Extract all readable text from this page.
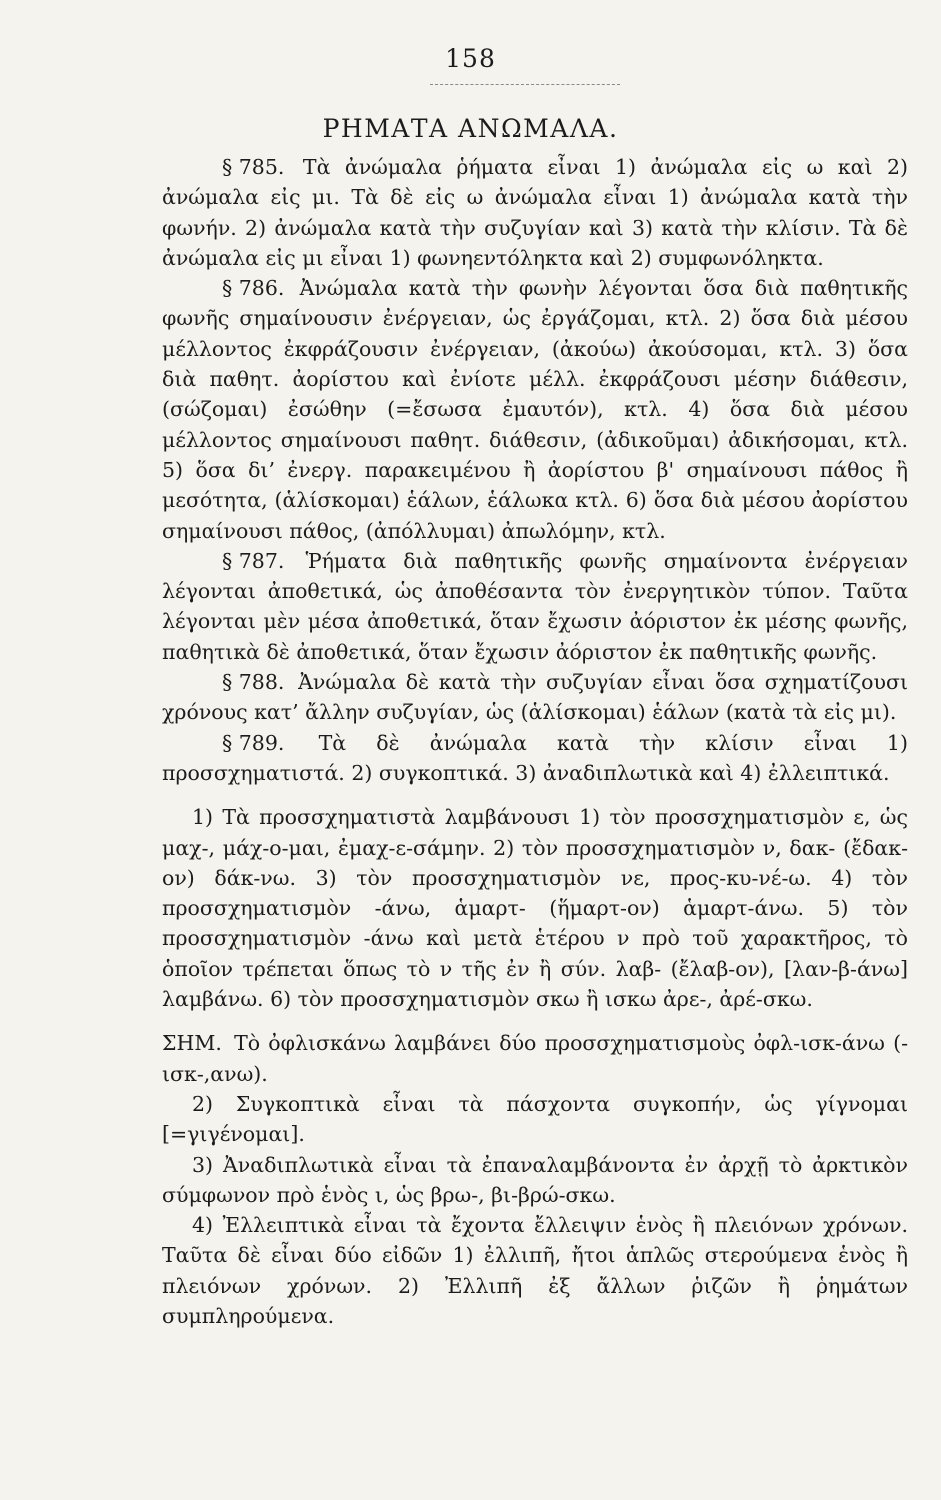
158
ΡΗΜΑΤΑ ΑΝΩΜΑΛΑ.

§ 785. Τὰ ἀνώμαλα ῥήματα εἶναι 1) ἀνώμαλα εἰς ω καὶ 2) ἀνώμαλα εἰς μι. Τὰ δὲ εἰς ω ἀνώμαλα εἶναι 1) ἀνώμαλα κατὰ τὴν φωνήν. 2) ἀνώμαλα κατὰ τὴν συζυγίαν καὶ 3) κατὰ τὴν κλίσιν. Τὰ δὲ ἀνώμαλα εἰς μι εἶναι 1) φωνηεντόληκτα καὶ 2) συμφωνόληκτα.

§ 786. Ἀνώμαλα κατὰ τὴν φωνὴν λέγονται ὅσα διὰ παθητικῆς φωνῆς σημαίνουσιν ἐνέργειαν, ὡς ἐργάζομαι, κτλ. 2) ὅσα διὰ μέσου μέλλοντος ἐκφράζουσιν ἐνέργειαν, (ἀκούω) ἀκούσομαι, κτλ. 3) ὅσα διὰ παθητ. ἀορίστου καὶ ἐνίοτε μέλλ. ἐκφράζουσι μέσην διάθεσιν, (σώζομαι) ἐσώθην (=ἔσωσα ἐμαυτόν), κτλ. 4) ὅσα διὰ μέσου μέλλοντος σημαίνουσι παθητ. διάθεσιν, (ἀδικοῦμαι) ἀδικήσομαι, κτλ. 5) ὅσα δι’ ἐνεργ. παρακειμένου ἢ ἀορίστου β' σημαίνουσι πάθος ἢ μεσότητα, (ἁλίσκομαι) ἑάλων, ἑάλωκα κτλ. 6) ὅσα διὰ μέσου ἀορίστου σημαίνουσι πάθος, (ἀπόλλυμαι) ἀπωλόμην, κτλ.

§ 787. Ῥήματα διὰ παθητικῆς φωνῆς σημαίνοντα ἐνέργειαν λέγονται ἀποθετικά, ὡς ἀποθέσαντα τὸν ἐνεργητικὸν τύπον. Ταῦτα λέγονται μὲν μέσα ἀποθετικά, ὅταν ἔχωσιν ἀόριστον ἐκ μέσης φωνῆς, παθητικὰ δὲ ἀποθετικά, ὅταν ἔχωσιν ἀόριστον ἐκ παθητικῆς φωνῆς.

§ 788. Ἀνώμαλα δὲ κατὰ τὴν συζυγίαν εἶναι ὅσα σχηματίζουσι χρόνους κατ’ ἄλλην συζυγίαν, ὡς (ἁλίσκομαι) ἑάλων (κατὰ τὰ εἰς μι).

§ 789. Τὰ δὲ ἀνώμαλα κατὰ τὴν κλίσιν εἶναι 1) προσσχηματιστά. 2) συγκοπτικά. 3) ἀναδιπλωτικὰ καὶ 4) ἐλλειπτικά.

1) Τὰ προσσχηματιστὰ λαμβάνουσι 1) τὸν προσσχηματισμὸν ε, ὡς μαχ-, μάχ-ο-μαι, ἐμαχ-ε-σάμην. 2) τὸν προσσχηματισμὸν ν, δακ- (ἔδακ-ον) δάκ-νω. 3) τὸν προσσχηματισμὸν νε, προς-κυ-νέ-ω. 4) τὸν προσσχηματισμὸν -άνω, ἁμαρτ- (ἥμαρτ-ον) ἁμαρτ-άνω. 5) τὸν προσσχηματισμὸν -άνω καὶ μετὰ ἑτέρου ν πρὸ τοῦ χαρακτῆρος, τὸ ὁποῖον τρέπεται ὅπως τὸ ν τῆς ἐν ἢ σύν. λαβ- (ἔλαβ-ον), [λαν-β-άνω] λαμβάνω. 6) τὸν προσσχηματισμὸν σκω ἢ ισκω ἀρε-, ἀρέ-σκω.

ΣΗΜ. Τὸ ὀφλισκάνω λαμβάνει δύο προσσχηματισμοὺς ὀφλ-ισκ-άνω (-ισκ-,ανω).

2) Συγκοπτικὰ εἶναι τὰ πάσχοντα συγκοπήν, ὡς γίγνομαι [=γιγένομαι].

3) Ἀναδιπλωτικὰ εἶναι τὰ ἐπαναλαμβάνοντα ἐν ἀρχῇ τὸ ἀρκτικὸν σύμφωνον πρὸ ἑνὸς ι, ὡς βρω-, βι-βρώ-σκω.

4) Ἐλλειπτικὰ εἶναι τὰ ἔχοντα ἔλλειψιν ἑνὸς ἢ πλειόνων χρόνων. Ταῦτα δὲ εἶναι δύο εἰδῶν 1) ἐλλιπῆ, ἤτοι ἁπλῶς στερούμενα ἑνὸς ἢ πλειόνων χρόνων. 2) Ἐλλιπῆ ἐξ ἄλλων ῥιζῶν ἢ ῥημάτων συμπληρούμενα.
